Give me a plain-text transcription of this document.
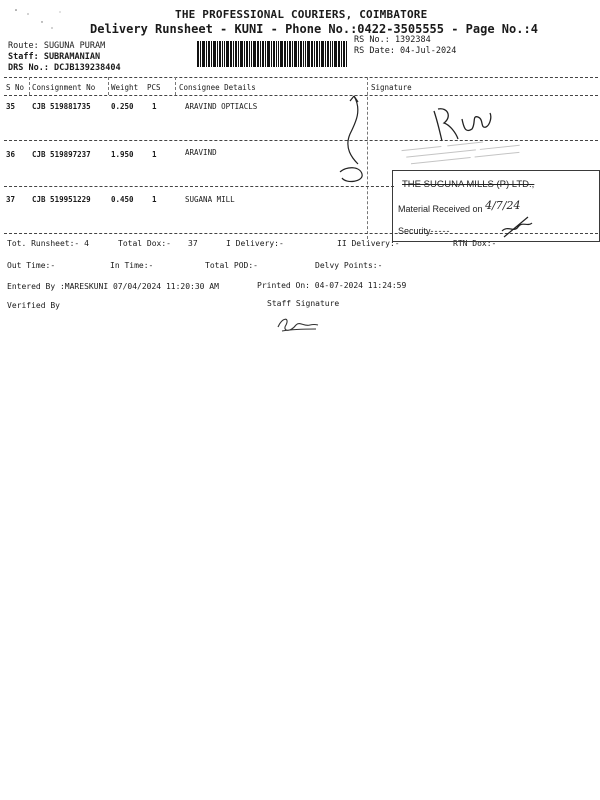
THE PROFESSIONAL COURIERS, COIMBATORE
Delivery Runsheet - KUNI - Phone No.:0422-3505555 - Page No.:4
Route: SUGUNA PURAM
Staff: SUBRAMANIAN
DRS No.: DCJB139238404
RS No.: 1392384
RS Date: 04-Jul-2024
S No Consignment No Weight PCS Consignee Details	Signature
35 CJB 519881735	0.250 1	ARAVIND OPTIACLS
36 CJB 519897237	1.950 1	ARAVIND
37 CJB 519951229	0.450 1	SUGANA MILL
Tot. Runsheet:- 4	Total Dox:- 37	I Delivery:-	II Delivery:-	RTN Dox:-
Out Time:-	In Time:-	Total POD:-	Delvy Points:-
Entered By :MARESKUNI 07/04/2024 11:20:30 AM	Printed On: 04-07-2024 11:24:59
Verified By	Staff Signature
THE SUGUNA MILLS (P) LTD.,
Material Received on 4/7/24
Security-----
